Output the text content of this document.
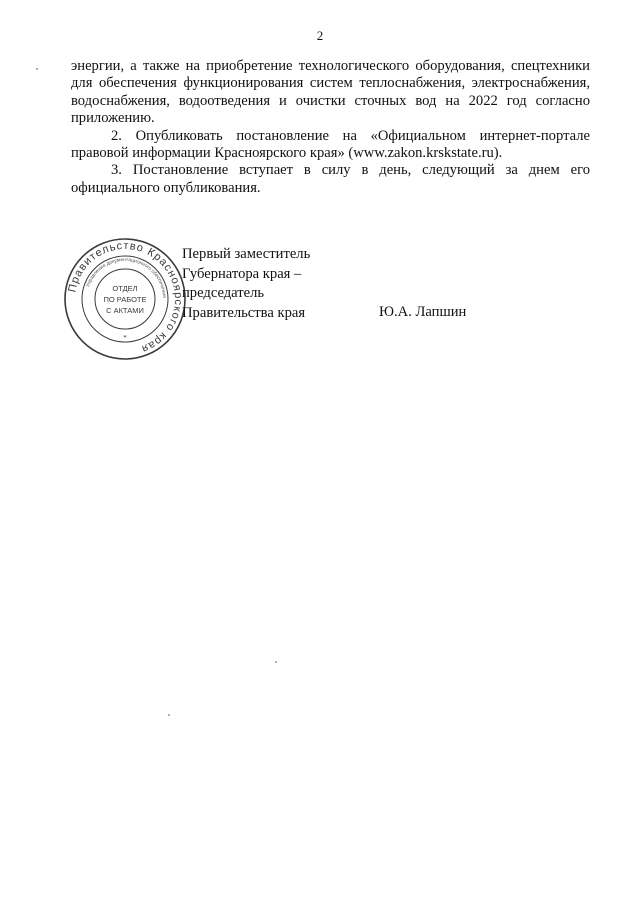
2

энергии, а также на приобретение технологического оборудования, спецтехники для обеспечения функционирования систем теплоснабжения, электроснабжения, водоснабжения, водоотведения и очистки сточных вод на 2022 год согласно приложению.

2. Опубликовать постановление на «Официальном интернет-портале правовой информации Красноярского края» (www.zakon.krskstate.ru).

3. Постановление вступает в силу в день, следующий за днем его официального опубликования.

Правительство Красноярского края
Управление документационного обеспечения
ОТДЕЛ
ПО РАБОТЕ
С АКТАМИ
*
Первый заместитель
Губернатора края –
председатель
Правительства края	Ю.А. Лапшин
